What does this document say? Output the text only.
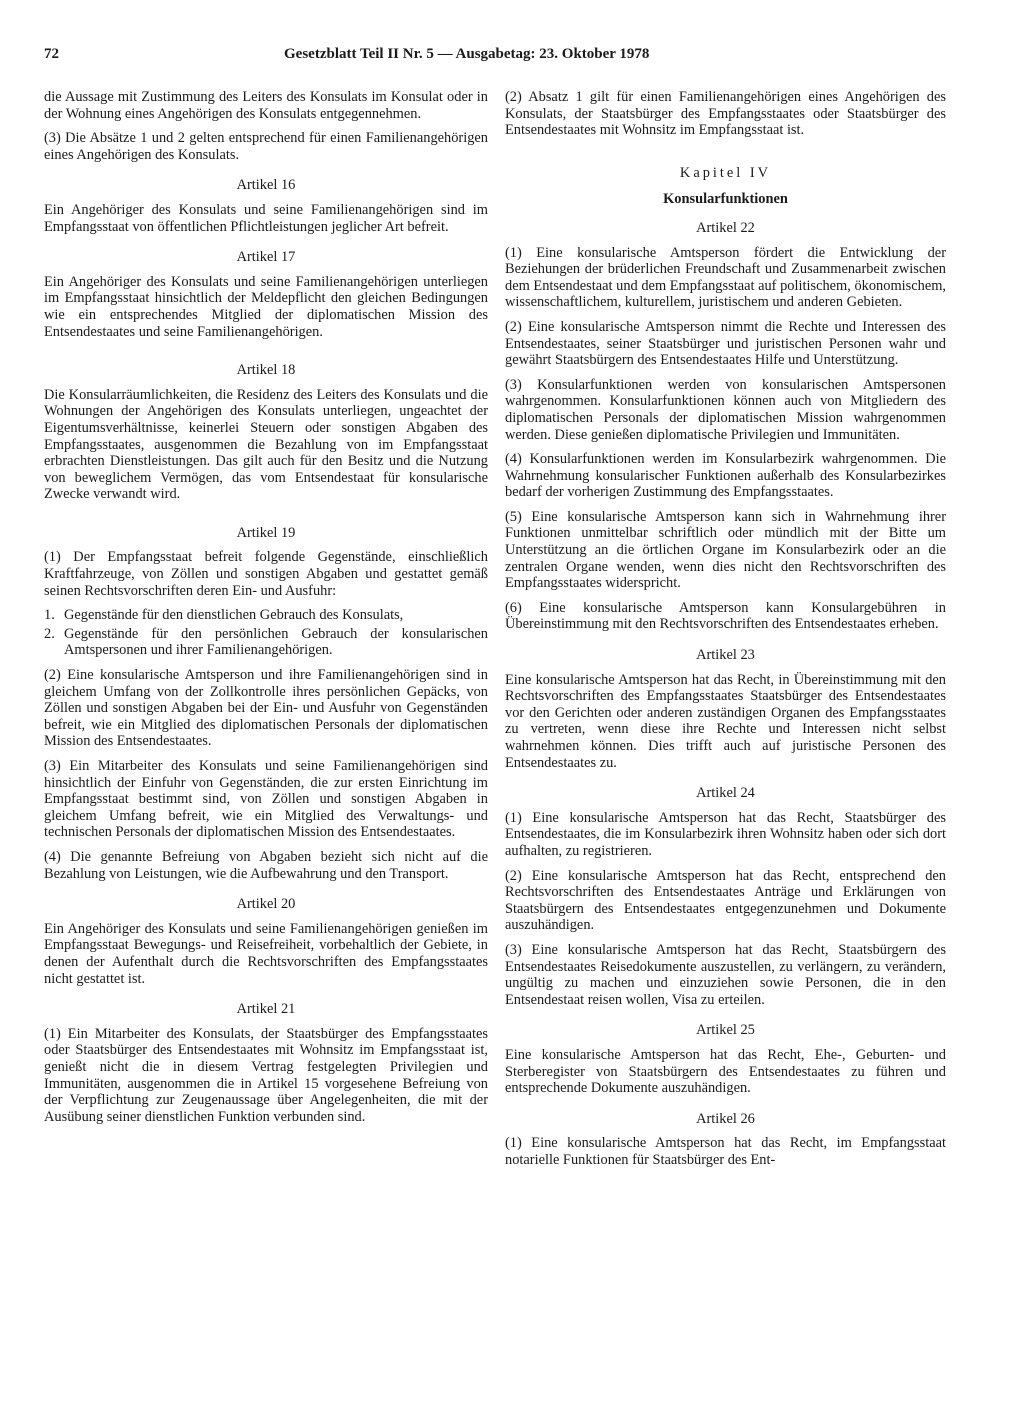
72	Gesetzblatt Teil II Nr. 5 — Ausgabetag: 23. Oktober 1978

die Aussage mit Zustimmung des Leiters des Konsulats im Konsulat oder in der Wohnung eines Angehörigen des Konsulats entgegennehmen.

(3) Die Absätze 1 und 2 gelten entsprechend für einen Familienangehörigen eines Angehörigen des Konsulats.

Artikel 16

Ein Angehöriger des Konsulats und seine Familienangehörigen sind im Empfangsstaat von öffentlichen Pflichtleistungen jeglicher Art befreit.

Artikel 17

Ein Angehöriger des Konsulats und seine Familienangehörigen unterliegen im Empfangsstaat hinsichtlich der Meldepflicht den gleichen Bedingungen wie ein entsprechendes Mitglied der diplomatischen Mission des Entsendestaates und seine Familienangehörigen.

Artikel 18

Die Konsularräumlichkeiten, die Residenz des Leiters des Konsulats und die Wohnungen der Angehörigen des Konsulats unterliegen, ungeachtet der Eigentumsverhältnisse, keinerlei Steuern oder sonstigen Abgaben des Empfangsstaates, ausgenommen die Bezahlung von im Empfangsstaat erbrachten Dienstleistungen. Das gilt auch für den Besitz und die Nutzung von beweglichem Vermögen, das vom Entsendestaat für konsularische Zwecke verwandt wird.

Artikel 19

(1) Der Empfangsstaat befreit folgende Gegenstände, einschließlich Kraftfahrzeuge, von Zöllen und sonstigen Abgaben und gestattet gemäß seinen Rechtsvorschriften deren Ein- und Ausfuhr:

1. Gegenstände für den dienstlichen Gebrauch des Konsulats,
2. Gegenstände für den persönlichen Gebrauch der konsularischen Amtspersonen und ihrer Familienangehörigen.

(2) Eine konsularische Amtsperson und ihre Familienangehörigen sind in gleichem Umfang von der Zollkontrolle ihres persönlichen Gepäcks, von Zöllen und sonstigen Abgaben bei der Ein- und Ausfuhr von Gegenständen befreit, wie ein Mitglied des diplomatischen Personals der diplomatischen Mission des Entsendestaates.

(3) Ein Mitarbeiter des Konsulats und seine Familienangehörigen sind hinsichtlich der Einfuhr von Gegenständen, die zur ersten Einrichtung im Empfangsstaat bestimmt sind, von Zöllen und sonstigen Abgaben in gleichem Umfang befreit, wie ein Mitglied des Verwaltungs- und technischen Personals der diplomatischen Mission des Entsendestaates.

(4) Die genannte Befreiung von Abgaben bezieht sich nicht auf die Bezahlung von Leistungen, wie die Aufbewahrung und den Transport.

Artikel 20

Ein Angehöriger des Konsulats und seine Familienangehörigen genießen im Empfangsstaat Bewegungs- und Reisefreiheit, vorbehaltlich der Gebiete, in denen der Aufenthalt durch die Rechtsvorschriften des Empfangsstaates nicht gestattet ist.

Artikel 21

(1) Ein Mitarbeiter des Konsulats, der Staatsbürger des Empfangsstaates oder Staatsbürger des Entsendestaates mit Wohnsitz im Empfangsstaat ist, genießt nicht die in diesem Vertrag festgelegten Privilegien und Immunitäten, ausgenommen die in Artikel 15 vorgesehene Befreiung von der Verpflichtung zur Zeugenaussage über Angelegenheiten, die mit der Ausübung seiner dienstlichen Funktion verbunden sind.

(2) Absatz 1 gilt für einen Familienangehörigen eines Angehörigen des Konsulats, der Staatsbürger des Empfangsstaates oder Staatsbürger des Entsendestaates mit Wohnsitz im Empfangsstaat ist.

Kapitel IV
Konsularfunktionen
Artikel 22

(1) Eine konsularische Amtsperson fördert die Entwicklung der Beziehungen der brüderlichen Freundschaft und Zusammenarbeit zwischen dem Entsendestaat und dem Empfangsstaat auf politischem, ökonomischem, wissenschaftlichem, kulturellem, juristischem und anderen Gebieten.

(2) Eine konsularische Amtsperson nimmt die Rechte und Interessen des Entsendestaates, seiner Staatsbürger und juristischen Personen wahr und gewährt Staatsbürgern des Entsendestaates Hilfe und Unterstützung.

(3) Konsularfunktionen werden von konsularischen Amtspersonen wahrgenommen. Konsularfunktionen können auch von Mitgliedern des diplomatischen Personals der diplomatischen Mission wahrgenommen werden. Diese genießen diplomatische Privilegien und Immunitäten.

(4) Konsularfunktionen werden im Konsularbezirk wahrgenommen. Die Wahrnehmung konsularischer Funktionen außerhalb des Konsularbezirkes bedarf der vorherigen Zustimmung des Empfangsstaates.

(5) Eine konsularische Amtsperson kann sich in Wahrnehmung ihrer Funktionen unmittelbar schriftlich oder mündlich mit der Bitte um Unterstützung an die örtlichen Organe im Konsularbezirk oder an die zentralen Organe wenden, wenn dies nicht den Rechtsvorschriften des Empfangsstaates widerspricht.

(6) Eine konsularische Amtsperson kann Konsulargebühren in Übereinstimmung mit den Rechtsvorschriften des Entsendestaates erheben.

Artikel 23

Eine konsularische Amtsperson hat das Recht, in Übereinstimmung mit den Rechtsvorschriften des Empfangsstaates Staatsbürger des Entsendestaates vor den Gerichten oder anderen zuständigen Organen des Empfangsstaates zu vertreten, wenn diese ihre Rechte und Interessen nicht selbst wahrnehmen können. Dies trifft auch auf juristische Personen des Entsendestaates zu.

Artikel 24

(1) Eine konsularische Amtsperson hat das Recht, Staatsbürger des Entsendestaates, die im Konsularbezirk ihren Wohnsitz haben oder sich dort aufhalten, zu registrieren.

(2) Eine konsularische Amtsperson hat das Recht, entsprechend den Rechtsvorschriften des Entsendestaates Anträge und Erklärungen von Staatsbürgern des Entsendestaates entgegenzunehmen und Dokumente auszuhändigen.

(3) Eine konsularische Amtsperson hat das Recht, Staatsbürgern des Entsendestaates Reisedokumente auszustellen, zu verlängern, zu verändern, ungültig zu machen und einzuziehen sowie Personen, die in den Entsendestaat reisen wollen, Visa zu erteilen.

Artikel 25

Eine konsularische Amtsperson hat das Recht, Ehe-, Geburten- und Sterberegister von Staatsbürgern des Entsendestaates zu führen und entsprechende Dokumente auszuhändigen.

Artikel 26

(1) Eine konsularische Amtsperson hat das Recht, im Empfangsstaat notarielle Funktionen für Staatsbürger des Ent-
